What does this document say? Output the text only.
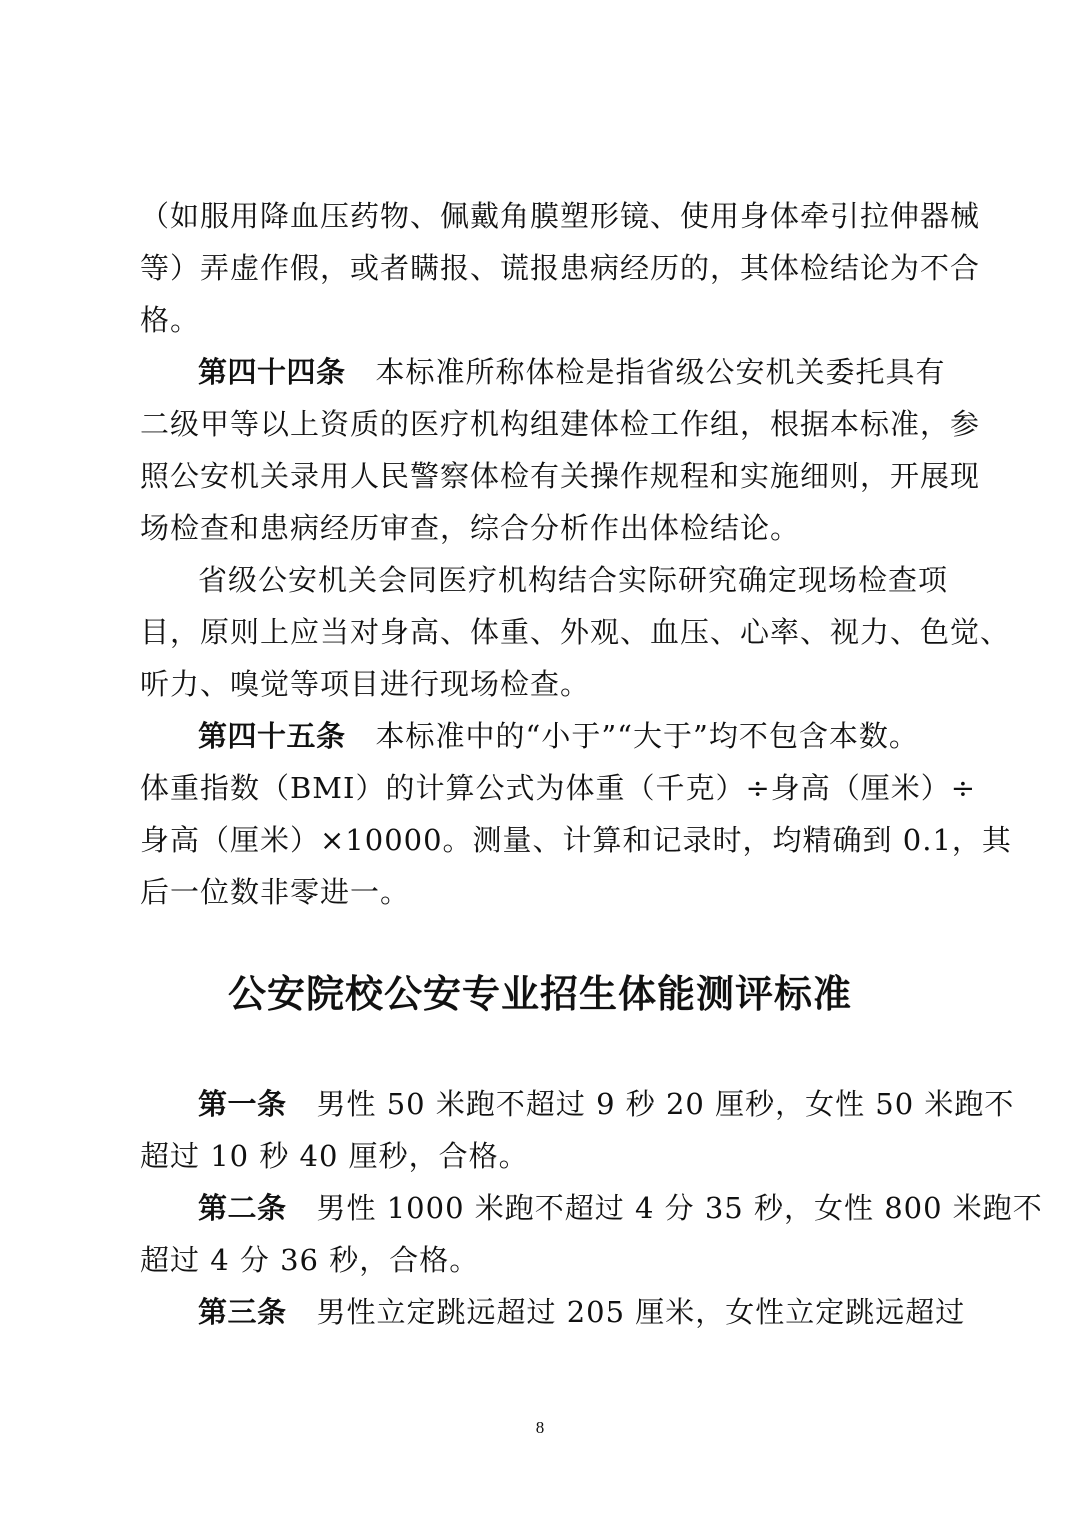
（如服用降血压药物、佩戴角膜塑形镜、使用身体牵引拉伸器械
等）弄虚作假，或者瞒报、谎报患病经历的，其体检结论为不合
格。
第四十四条 本标准所称体检是指省级公安机关委托具有
二级甲等以上资质的医疗机构组建体检工作组，根据本标准，参
照公安机关录用人民警察体检有关操作规程和实施细则，开展现
场检查和患病经历审查，综合分析作出体检结论。
省级公安机关会同医疗机构结合实际研究确定现场检查项
目，原则上应当对身高、体重、外观、血压、心率、视力、色觉、
听力、嗅觉等项目进行现场检查。
第四十五条 本标准中的“小于”“大于”均不包含本数。
体重指数（BMI）的计算公式为体重（千克）÷身高（厘米）÷
身高（厘米）×10000。测量、计算和记录时，均精确到 0.1，其
后一位数非零进一。
公安院校公安专业招生体能测评标准
第一条 男性 50 米跑不超过 9 秒 20 厘秒，女性 50 米跑不
超过 10 秒 40 厘秒，合格。
第二条 男性 1000 米跑不超过 4 分 35 秒，女性 800 米跑不
超过 4 分 36 秒，合格。
第三条 男性立定跳远超过 205 厘米，女性立定跳远超过
8
